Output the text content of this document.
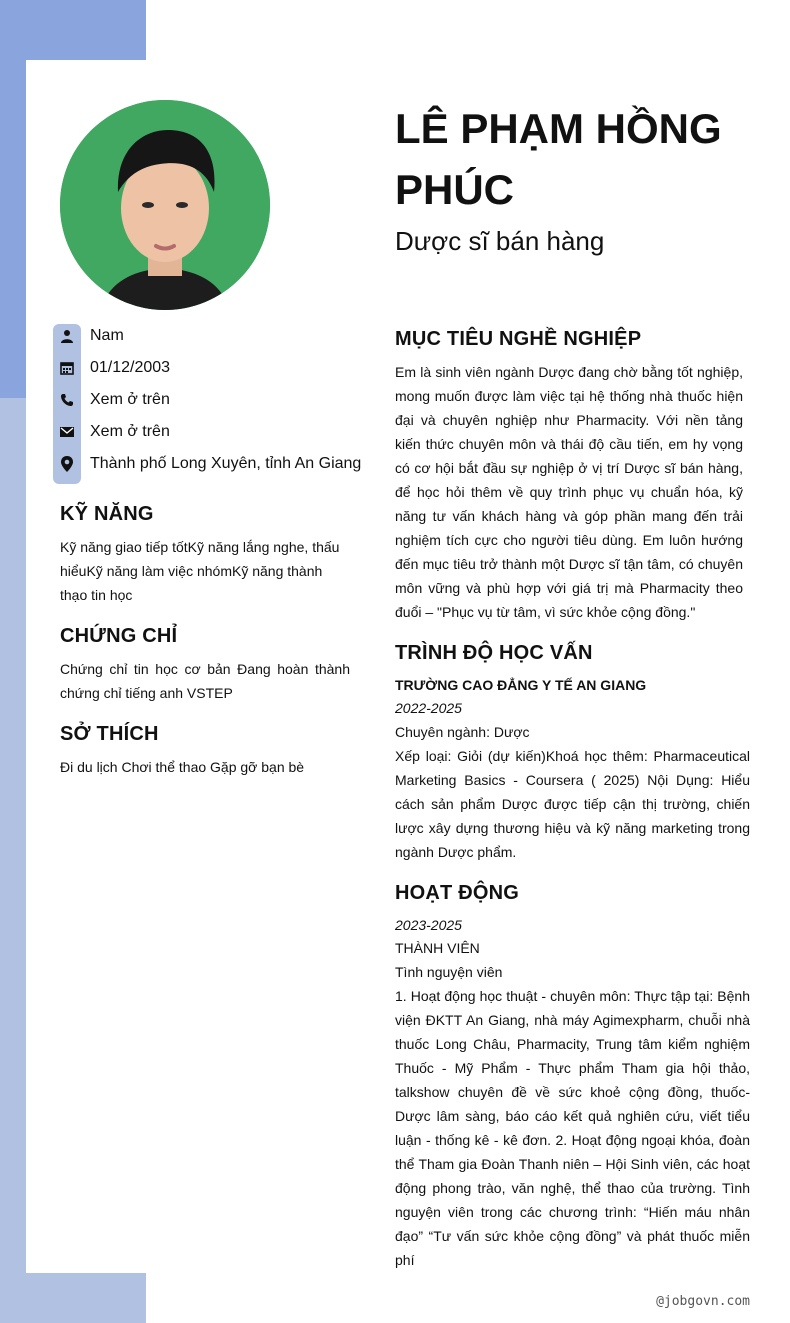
LÊ PHẠM HỒNG PHÚC
Dược sĩ bán hàng
Nam
01/12/2003
Xem ở trên
Xem ở trên
Thành phố Long Xuyên, tỉnh An Giang
KỸ NĂNG

Kỹ năng giao tiếp tốtKỹ năng lắng nghe, thấu hiểuKỹ năng làm việc nhómKỹ năng thành thạo tin học

CHỨNG CHỈ

Chứng chỉ tin học cơ bản Đang hoàn thành chứng chỉ tiếng anh VSTEP

SỞ THÍCH

Đi du lịch Chơi thể thao Gặp gỡ bạn bè

MỤC TIÊU NGHỀ NGHIỆP

Em là sinh viên ngành Dược đang chờ bằng tốt nghiệp, mong muốn được làm việc tại hệ thống nhà thuốc hiện đại và chuyên nghiệp như Pharmacity. Với nền tảng kiến thức chuyên môn và thái độ cầu tiến, em hy vọng có cơ hội bắt đầu sự nghiệp ở vị trí Dược sĩ bán hàng, để học hỏi thêm về quy trình phục vụ chuẩn hóa, kỹ năng tư vấn khách hàng và góp phần mang đến trải nghiệm tích cực cho người tiêu dùng. Em luôn hướng đến mục tiêu trở thành một Dược sĩ tận tâm, có chuyên môn vững và phù hợp với giá trị mà Pharmacity theo đuổi – "Phục vụ từ tâm, vì sức khỏe cộng đồng."

TRÌNH ĐỘ HỌC VẤN
TRƯỜNG CAO ĐẲNG Y TẾ AN GIANG
2022-2025
Chuyên ngành: Dược

Xếp loại: Giỏi (dự kiến)Khoá học thêm: Pharmaceutical Marketing Basics - Coursera ( 2025) Nội Dụng: Hiểu cách sản phẩm Dược được tiếp cận thị trường, chiến lược xây dựng thương hiệu và kỹ năng marketing trong ngành Dược phẩm.

HOẠT ĐỘNG
2023-2025
THÀNH VIÊN
Tình nguyện viên

1. Hoạt động học thuật - chuyên môn: Thực tập tại: Bệnh viện ĐKTT An Giang, nhà máy Agimexpharm, chuỗi nhà thuốc Long Châu, Pharmacity, Trung tâm kiểm nghiệm Thuốc - Mỹ Phẩm - Thực phẩm Tham gia hội thảo, talkshow chuyên đề về sức khoẻ cộng đồng, thuốc- Dược lâm sàng, báo cáo kết quả nghiên cứu, viết tiểu luận - thống kê - kê đơn. 2. Hoạt động ngoại khóa, đoàn thể Tham gia Đoàn Thanh niên – Hội Sinh viên, các hoạt động phong trào, văn nghệ, thể thao của trường. Tình nguyện viên trong các chương trình: “Hiến máu nhân đạo” “Tư vấn sức khỏe cộng đồng” và phát thuốc miễn phí

@jobgovn.com
